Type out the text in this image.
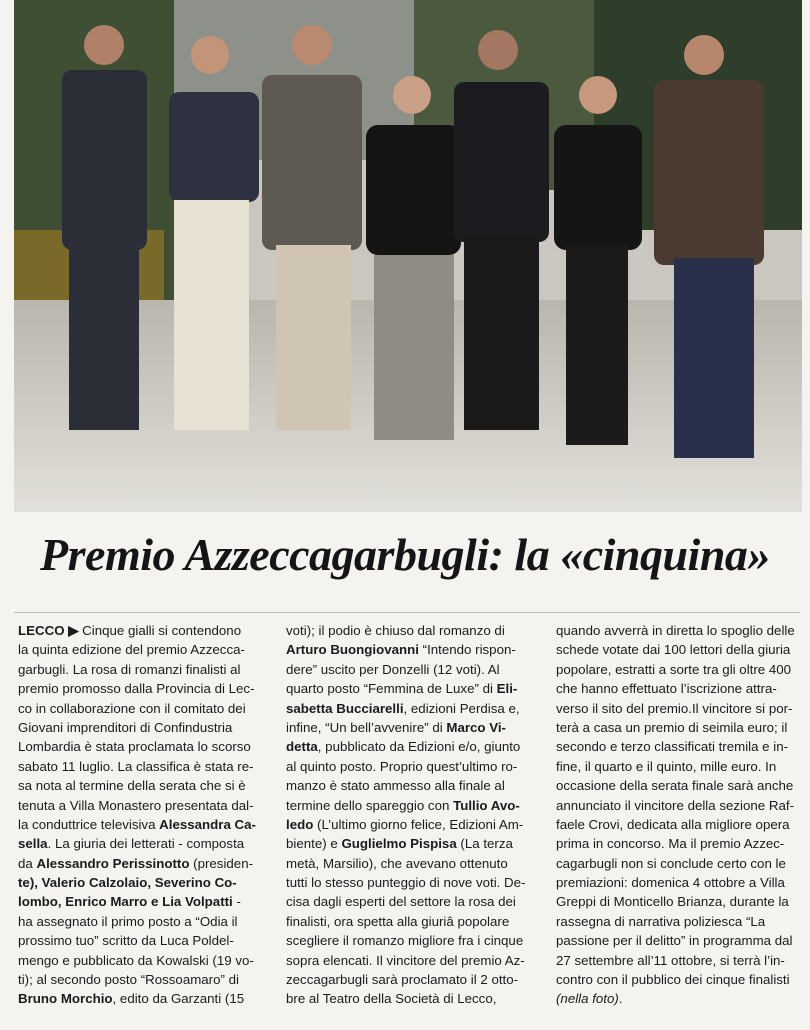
Premio Azzeccagarbugli: la «cinquina»
LECCO ▶ Cinque gialli si contendono
la quinta edizione del premio Azzecca-
garbugli. La rosa di romanzi finalisti al
premio promosso dalla Provincia di Lec-
co in collaborazione con il comitato dei
Giovani imprenditori di Confindustria
Lombardia è stata proclamata lo scorso
sabato 11 luglio. La classifica è stata re-
sa nota al termine della serata che si è
tenuta a Villa Monastero presentata dal-
la conduttrice televisiva Alessandra Ca-
sella. La giuria dei letterati - composta
da Alessandro Perissinotto (presiden-
te), Valerio Calzolaio, Severino Co-
lombo, Enrico Marro e Lia Volpatti -
ha assegnato il primo posto a “Odia il
prossimo tuo” scritto da Luca Poldel-
mengo e pubblicato da Kowalski (19 vo-
ti); al secondo posto “Rossoamaro” di
Bruno Morchio, edito da Garzanti (15
voti); il podio è chiuso dal romanzo di
Arturo Buongiovanni “Intendo rispon-
dere” uscito per Donzelli (12 voti). Al
quarto posto “Femmina de Luxe” di Eli-
sabetta Bucciarelli, edizioni Perdisa e,
infine, “Un bell’avvenire” di Marco Vi-
detta, pubblicato da Edizioni e/o, giunto
al quinto posto. Proprio quest’ultimo ro-
manzo è stato ammesso alla finale al
termine dello spareggio con Tullio Avo-
ledo (L’ultimo giorno felice, Edizioni Am-
biente) e Guglielmo Pispisa (La terza
metà, Marsilio), che avevano ottenuto
tutti lo stesso punteggio di nove voti. De-
cisa dagli esperti del settore la rosa dei
finalisti, ora spetta alla giuriâ popolare
scegliere il romanzo migliore fra i cinque
sopra elencati. Il vincitore del premio Az-
zeccagarbugli sarà proclamato il 2 otto-
bre al Teatro della Società di Lecco,
quando avverrà in diretta lo spoglio delle
schede votate dai 100 lettori della giuria
popolare, estratti a sorte tra gli oltre 400
che hanno effettuato l’iscrizione attra-
verso il sito del premio.Il vincitore si por-
terà a casa un premio di seimila euro; il
secondo e terzo classificati tremila e in-
fine, il quarto e il quinto, mille euro. In
occasione della serata finale sarà anche
annunciato il vincitore della sezione Raf-
faele Crovi, dedicata alla migliore opera
prima in concorso. Ma il premio Azzec-
cagarbugli non si conclude certo con le
premiazioni: domenica 4 ottobre a Villa
Greppi di Monticello Brianza, durante la
rassegna di narrativa poliziesca “La
passione per il delitto” in programma dal
27 settembre all’11 ottobre, si terrà l’in-
contro con il pubblico dei cinque finalisti
(nella foto).
